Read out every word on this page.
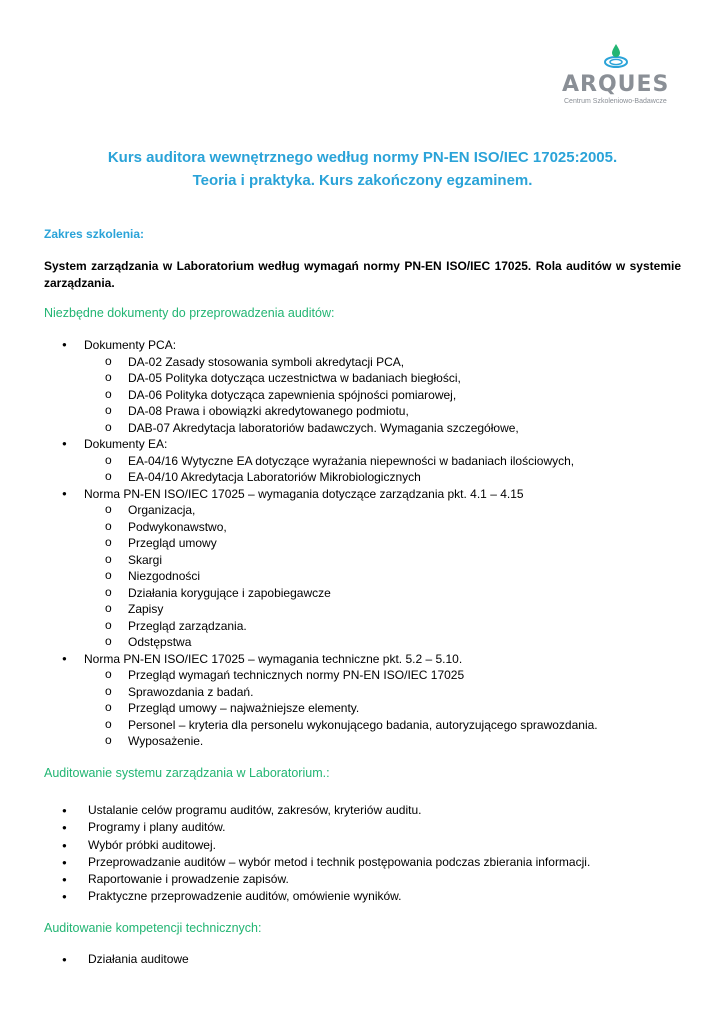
ARQUES
Centrum Szkoleniowo-Badawcze
Kurs auditora wewnętrznego według normy PN-EN ISO/IEC 17025:2005.
Teoria i praktyka. Kurs zakończony egzaminem.
Zakres szkolenia:
System zarządzania w Laboratorium według wymagań normy PN-EN ISO/IEC 17025. Rola auditów w systemie zarządzania.
Niezbędne dokumenty do przeprowadzenia auditów:
● Dokumenty PCA:
o DA-02 Zasady stosowania symboli akredytacji PCA,
o DA-05 Polityka dotycząca uczestnictwa w badaniach biegłości,
o DA-06 Polityka dotycząca zapewnienia spójności pomiarowej,
o DA-08 Prawa i obowiązki akredytowanego podmiotu,
o DAB-07 Akredytacja laboratoriów badawczych. Wymagania szczegółowe,
● Dokumenty EA:
o EA-04/16 Wytyczne EA dotyczące wyrażania niepewności w badaniach ilościowych,
o EA-04/10 Akredytacja Laboratoriów Mikrobiologicznych
● Norma PN-EN ISO/IEC 17025 – wymagania dotyczące zarządzania pkt. 4.1 – 4.15
o Organizacja,
o Podwykonawstwo,
o Przegląd umowy
o Skargi
o Niezgodności
o Działania korygujące i zapobiegawcze
o Zapisy
o Przegląd zarządzania.
o Odstępstwa
● Norma PN-EN ISO/IEC 17025 – wymagania techniczne pkt. 5.2 – 5.10.
o Przegląd wymagań technicznych normy PN-EN ISO/IEC 17025
o Sprawozdania z badań.
o Przegląd umowy – najważniejsze elementy.
o Personel – kryteria dla personelu wykonującego badania, autoryzującego sprawozdania.
o Wyposażenie.
Auditowanie systemu zarządzania w Laboratorium.:
● Ustalanie celów programu auditów, zakresów, kryteriów auditu.
● Programy i plany auditów.
● Wybór próbki auditowej.
● Przeprowadzanie auditów – wybór metod i technik postępowania podczas zbierania informacji.
● Raportowanie i prowadzenie zapisów.
● Praktyczne przeprowadzenie auditów, omówienie wyników.
Auditowanie kompetencji technicznych:
● Działania auditowe
